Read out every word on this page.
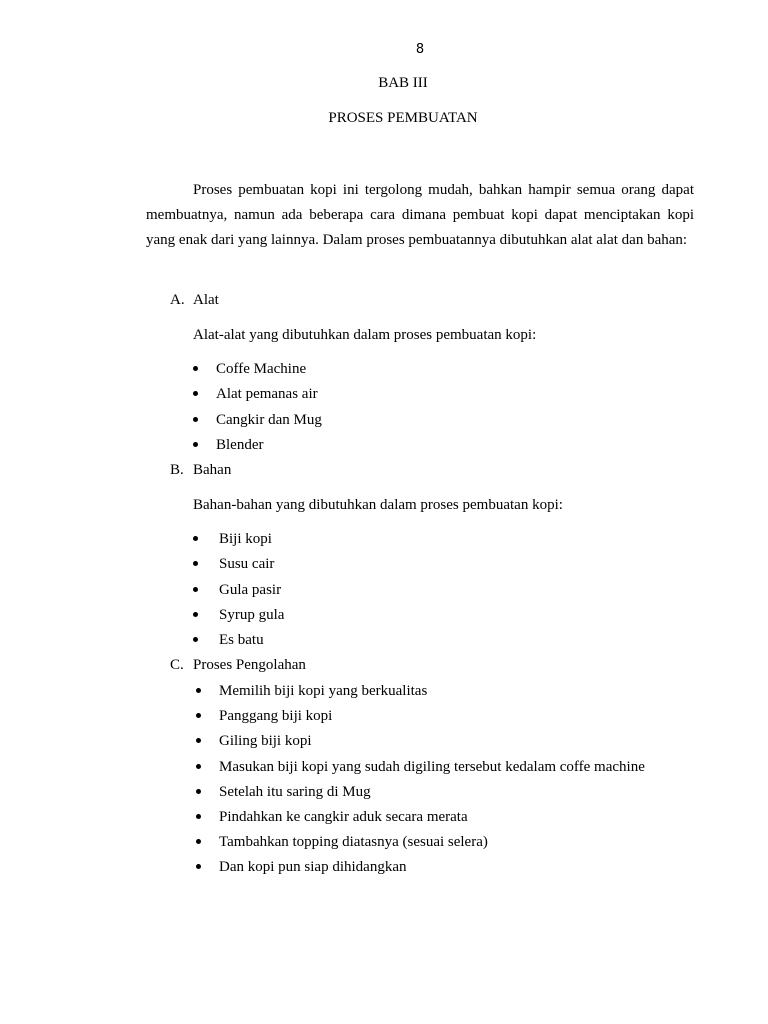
8
BAB III
PROSES PEMBUATAN

Proses pembuatan kopi ini tergolong mudah, bahkan hampir semua orang dapat membuatnya, namun ada beberapa cara dimana pembuat kopi dapat menciptakan kopi yang enak dari yang lainnya. Dalam proses pembuatannya dibutuhkan alat alat dan bahan:

A. Alat
Alat-alat yang dibutuhkan dalam proses pembuatan kopi:
Coffe Machine
Alat pemanas air
Cangkir dan Mug
Blender
B. Bahan
Bahan-bahan yang dibutuhkan dalam proses pembuatan kopi:
Biji kopi
Susu cair
Gula pasir
Syrup gula
Es batu
C. Proses Pengolahan
Memilih biji kopi yang berkualitas
Panggang biji kopi
Giling biji kopi
Masukan biji kopi yang sudah digiling tersebut kedalam coffe machine
Setelah itu saring di Mug
Pindahkan ke cangkir aduk secara merata
Tambahkan topping diatasnya (sesuai selera)
Dan kopi pun siap dihidangkan
